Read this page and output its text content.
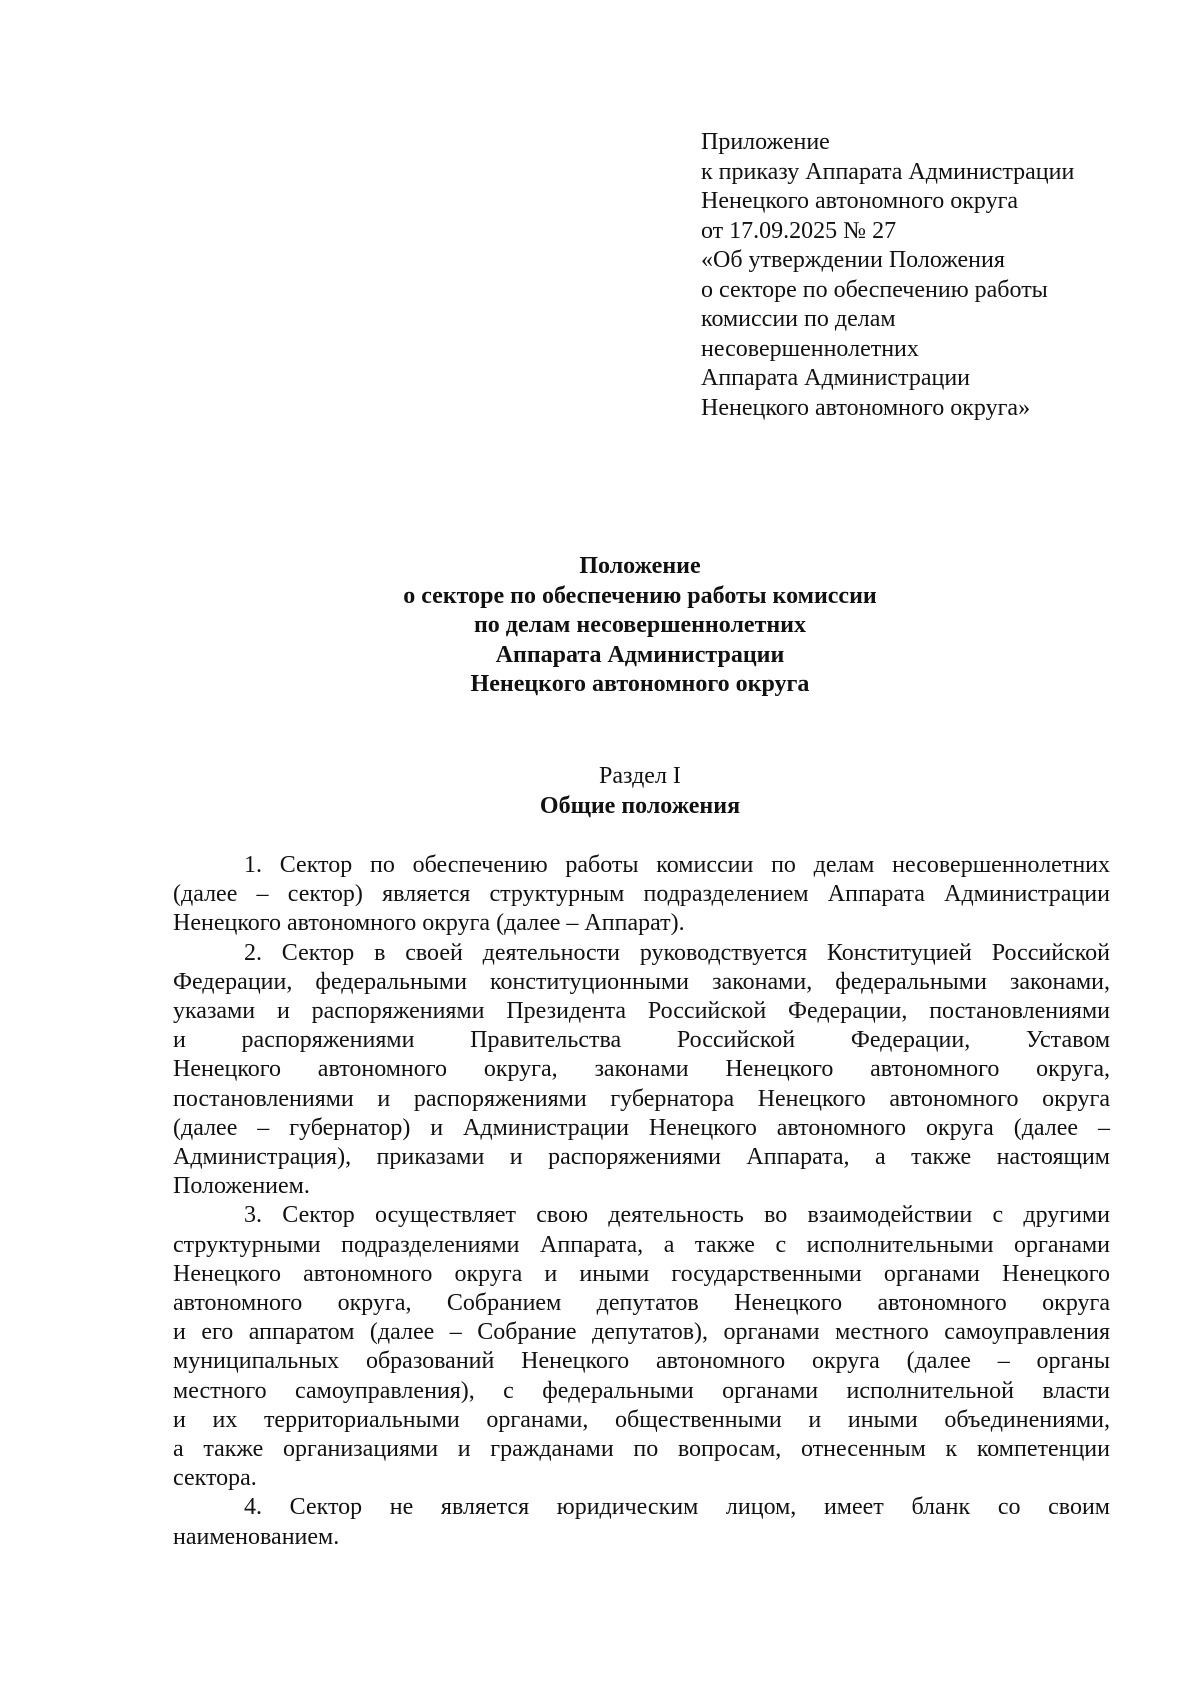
Приложение
к приказу Аппарата Администрации
Ненецкого автономного округа
от 17.09.2025 № 27
«Об утверждении Положения
о секторе по обеспечению работы
комиссии по делам
несовершеннолетних
Аппарата Администрации
Ненецкого автономного округа»
Положение
о секторе по обеспечению работы комиссии
по делам несовершеннолетних
Аппарата Администрации
Ненецкого автономного округа
Раздел I
Общие положения
1. Сектор по обеспечению работы комиссии по делам несовершеннолетних
(далее – сектор) является структурным подразделением Аппарата Администрации
Ненецкого автономного округа (далее – Аппарат).
2. Сектор в своей деятельности руководствуется Конституцией Российской
Федерации, федеральными конституционными законами, федеральными законами,
указами и распоряжениями Президента Российской Федерации, постановлениями
и распоряжениями Правительства Российской Федерации, Уставом
Ненецкого автономного округа, законами Ненецкого автономного округа,
постановлениями и распоряжениями губернатора Ненецкого автономного округа
(далее – губернатор) и Администрации Ненецкого автономного округа (далее –
Администрация), приказами и распоряжениями Аппарата, а также настоящим
Положением.
3. Сектор осуществляет свою деятельность во взаимодействии с другими
структурными подразделениями Аппарата, а также с исполнительными органами
Ненецкого автономного округа и иными государственными органами Ненецкого
автономного округа, Собранием депутатов Ненецкого автономного округа
и его аппаратом (далее – Собрание депутатов), органами местного самоуправления
муниципальных образований Ненецкого автономного округа (далее – органы
местного самоуправления), с федеральными органами исполнительной власти
и их территориальными органами, общественными и иными объединениями,
а также организациями и гражданами по вопросам, отнесенным к компетенции
сектора.
4. Сектор не является юридическим лицом, имеет бланк со своим
наименованием.
